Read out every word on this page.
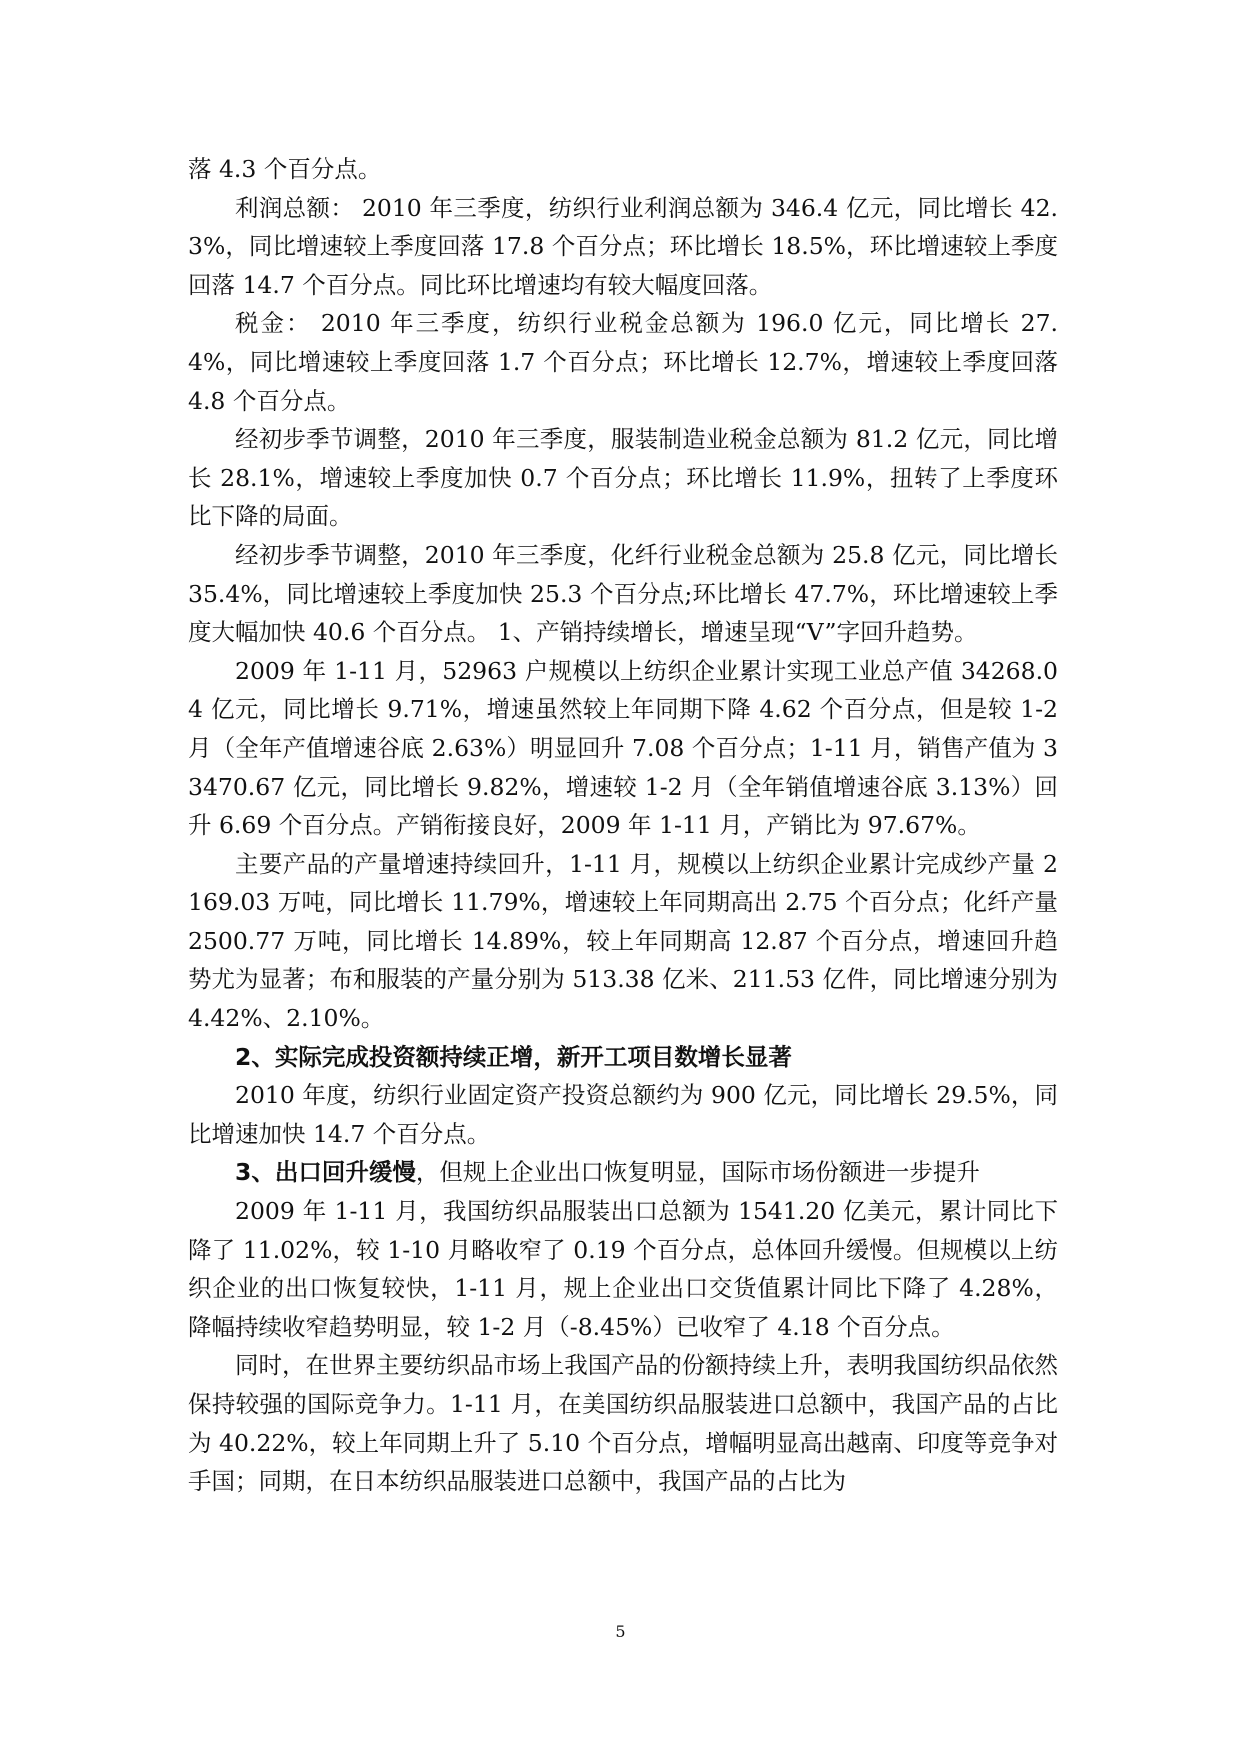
落 4.3 个百分点。

利润总额： 2010 年三季度，纺织行业利润总额为 346.4 亿元，同比增长 42.3%，同比增速较上季度回落 17.8 个百分点；环比增长 18.5%，环比增速较上季度回落 14.7 个百分点。同比环比增速均有较大幅度回落。

税金： 2010 年三季度，纺织行业税金总额为 196.0 亿元，同比增长 27.4%，同比增速较上季度回落 1.7 个百分点；环比增长 12.7%，增速较上季度回落 4.8 个百分点。

经初步季节调整，2010 年三季度，服装制造业税金总额为 81.2 亿元，同比增长 28.1%，增速较上季度加快 0.7 个百分点；环比增长 11.9%，扭转了上季度环比下降的局面。

经初步季节调整，2010 年三季度，化纤行业税金总额为 25.8 亿元，同比增长 35.4%，同比增速较上季度加快 25.3 个百分点;环比增长 47.7%，环比增速较上季度大幅加快 40.6 个百分点。 1、产销持续增长，增速呈现“V”字回升趋势。

2009 年 1-11 月，52963 户规模以上纺织企业累计实现工业总产值 34268.04 亿元，同比增长 9.71%，增速虽然较上年同期下降 4.62 个百分点，但是较 1-2 月（全年产值增速谷底 2.63%）明显回升 7.08 个百分点；1-11 月，销售产值为 33470.67 亿元，同比增长 9.82%，增速较 1-2 月（全年销值增速谷底 3.13%）回升 6.69 个百分点。产销衔接良好，2009 年 1-11 月，产销比为 97.67%。

主要产品的产量增速持续回升，1-11 月，规模以上纺织企业累计完成纱产量 2169.03 万吨，同比增长 11.79%，增速较上年同期高出 2.75 个百分点；化纤产量 2500.77 万吨，同比增长 14.89%，较上年同期高 12.87 个百分点，增速回升趋势尤为显著；布和服装的产量分别为 513.38 亿米、211.53 亿件，同比增速分别为 4.42%、2.10%。

2、实际完成投资额持续正增，新开工项目数增长显著

2010 年度，纺织行业固定资产投资总额约为 900 亿元，同比增长 29.5%，同比增速加快 14.7 个百分点。

3、出口回升缓慢，但规上企业出口恢复明显，国际市场份额进一步提升

2009 年 1-11 月，我国纺织品服装出口总额为 1541.20 亿美元，累计同比下降了 11.02%，较 1-10 月略收窄了 0.19 个百分点，总体回升缓慢。但规模以上纺织企业的出口恢复较快，1-11 月，规上企业出口交货值累计同比下降了 4.28%，降幅持续收窄趋势明显，较 1-2 月（-8.45%）已收窄了 4.18 个百分点。

同时，在世界主要纺织品市场上我国产品的份额持续上升，表明我国纺织品依然保持较强的国际竞争力。1-11 月，在美国纺织品服装进口总额中，我国产品的占比为 40.22%，较上年同期上升了 5.10 个百分点，增幅明显高出越南、印度等竞争对手国；同期，在日本纺织品服装进口总额中，我国产品的占比为

5
